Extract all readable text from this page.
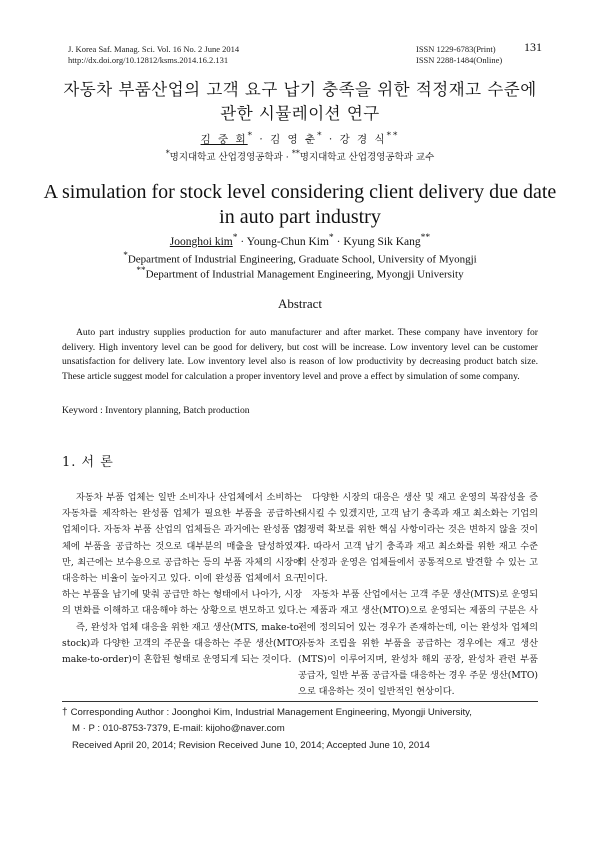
J. Korea Saf. Manag. Sci. Vol. 16 No. 2 June 2014
http://dx.doi.org/10.12812/ksms.2014.16.2.131
ISSN 1229-6783(Print)
ISSN 2288-1484(Online)
131
자동차 부품산업의 고객 요구 납기 충족을 위한 적정재고 수준에
관한 시뮬레이션 연구
김 중 회* · 김 영 춘* · 강 경 식**
*명지대학교 산업경영공학과 · **명지대학교 산업경영공학과 교수
A simulation for stock level considering client delivery due date
in auto part industry
Joonghoi kim* · Young-Chun Kim* · Kyung Sik Kang**
*Department of Industrial Engineering, Graduate School, University of Myongji
**Department of Industrial Management Engineering, Myongji University
Abstract

Auto part industry supplies production for auto manufacturer and after market. These company have inventory for delivery. High inventory level can be good for delivery, but cost will be increase. Low inventory level can be customer unsatisfaction for delivery late. Low inventory level also is reason of low productivity by decreasing product batch size. These article suggest model for calculation a proper inventory level and prove a effect by simulation of some company.

Keyword : Inventory planning, Batch production
1. 서 론

자동차 부품 업체는 일반 소비자나 산업체에서 소비하는 자동차를 제작하는 완성품 업체가 필요한 부품을 공급하는 업체이다. 자동차 부품 산업의 업체들은 과거에는 완성품 업체에 부품을 공급하는 것으로 대부분의 매출을 달성하였지만, 최근에는 보수용으로 공급하는 등의 부품 자체의 시장에 대응하는 비율이 높아지고 있다. 이에 완성품 업체에서 요구하는 부품을 납기에 맞춰 공급만 하는 형태에서 나아가, 시장의 변화를 이해하고 대응해야 하는 상황으로 변모하고 있다.

즉, 완성차 업체 대응을 위한 재고 생산(MTS, make-to-stock)과 다양한 고객의 주문을 대응하는 주문 생산(MTO, make-to-order)이 혼합된 형태로 운영되게 되는 것이다.

다양한 시장의 대응은 생산 및 재고 운영의 복잡성을 증대시킬 수 있겠지만, 고객 납기 충족과 재고 최소화는 기업의 경쟁력 확보를 위한 핵심 사항이라는 것은 변하지 않을 것이다. 따라서 고객 납기 충족과 재고 최소화를 위한 재고 수준의 산정과 운영은 업체들에서 공통적으로 발견할 수 있는 고민이다.

자동차 부품 산업에서는 고객 주문 생산(MTS)로 운영되는 제품과 재고 생산(MTO)으로 운영되는 제품의 구분은 사전에 정의되어 있는 경우가 존재하는데, 이는 완성차 업체의 자동차 조립을 위한 부품을 공급하는 경우에는 재고 생산(MTS)이 이루어지며, 완성차 해외 공장, 완성차 관련 부품 공급자, 일반 부품 공급자를 대응하는 경우 주문 생산(MTO)으로 대응하는 것이 일반적인 현상이다.

† Corresponding Author : Joonghoi Kim, Industrial Management Engineering, Myongji University,
M · P : 010-8753-7379, E-mail: kijoho@naver.com
Received April 20, 2014; Revision Received June 10, 2014; Accepted June 10, 2014
